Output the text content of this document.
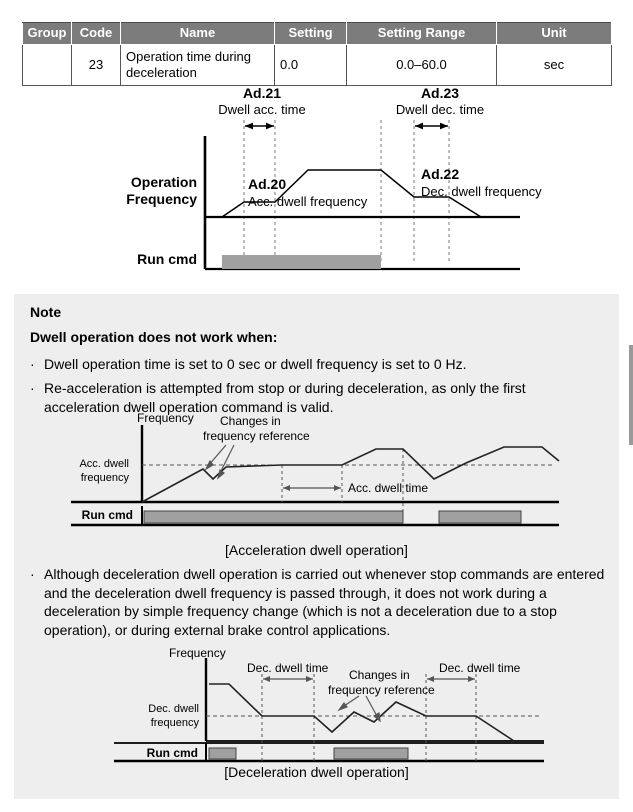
Group	Code	Name	Setting	Setting Range	Unit
	23	Operation time during deceleration	0.0	0.0–60.0	sec
Ad.21
Dwell acc. time
Ad.23
Dwell dec. time
Operation
Frequency
Run cmd
Ad.20
Acc. dwell frequency
Ad.22
Dec. dwell frequency
Note
Dwell operation does not work when:
· Dwell operation time is set to 0 sec or dwell frequency is set to 0 Hz.
· Re-acceleration is attempted from stop or during deceleration, as only the first acceleration dwell operation command is valid.
Frequency Changes in
frequency reference
Acc. dwell
frequency
Acc. dwell time
Run cmd
[Acceleration dwell operation]
· Although deceleration dwell operation is carried out whenever stop commands are entered and the deceleration dwell frequency is passed through, it does not work during a deceleration by simple frequency change (which is not a deceleration due to a stop operation), or during external brake control applications.
Frequency
Dec. dwell time	Dec. dwell time
Changes in
frequency reference
Dec. dwell
frequency
Run cmd
[Deceleration dwell operation]
